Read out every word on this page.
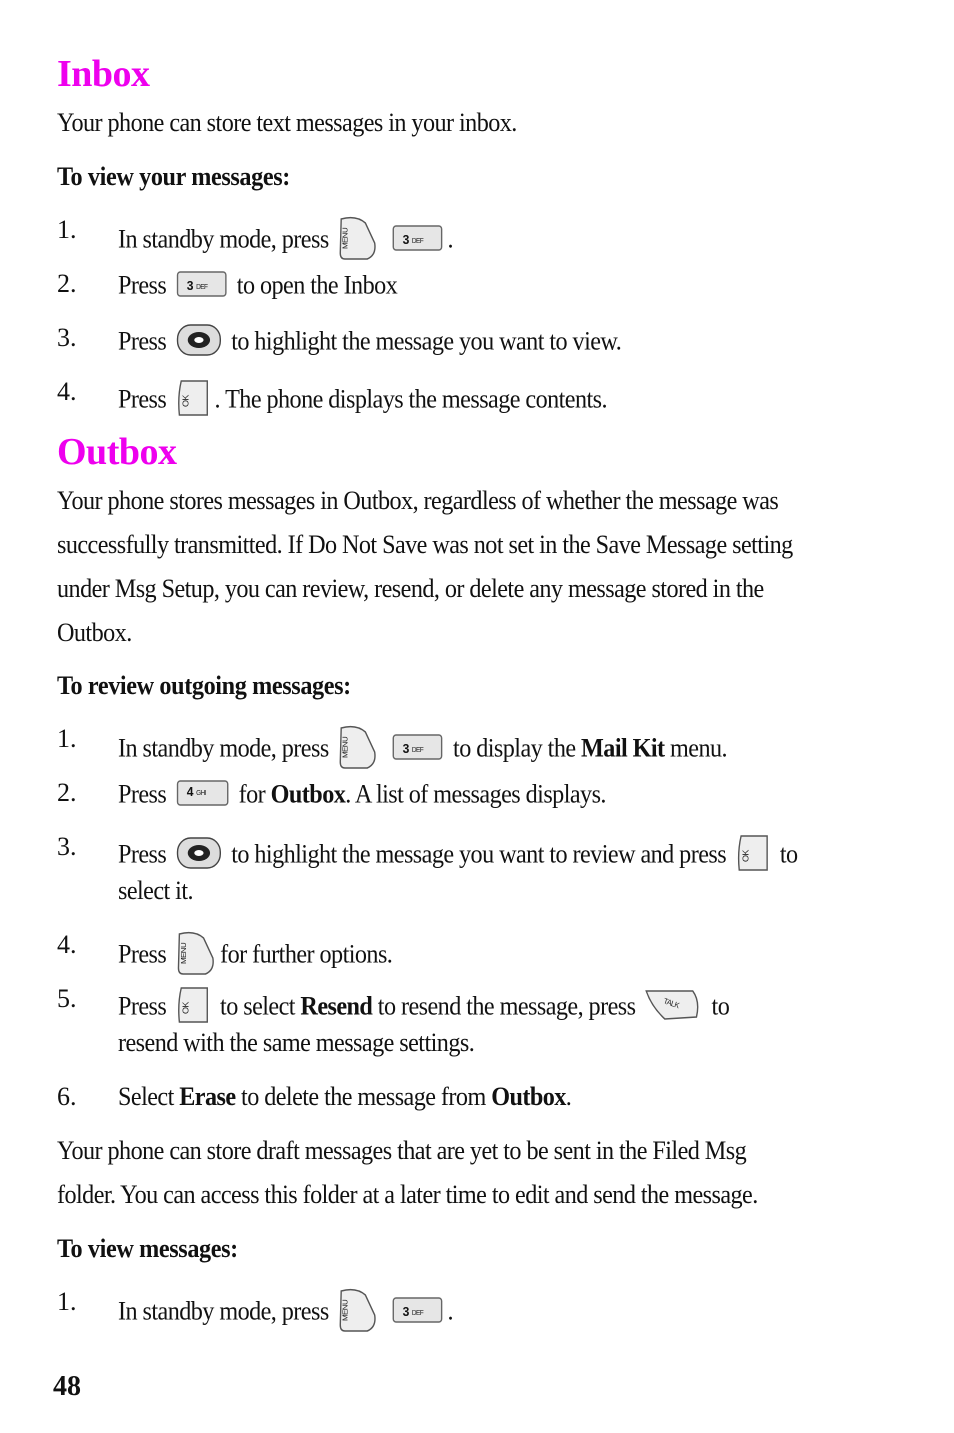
Inbox
Your phone can store text messages in your inbox.
To view your messages:
1. In standby mode, press MENU
	3 DEF .
2. Press 3 DEF to open the Inbox
3. Press to highlight the message you want to view.
4. Press OK . The phone displays the message contents.
Outbox
Your phone stores messages in Outbox, regardless of whether the message was
successfully transmitted. If Do Not Save was not set in the Save Message setting
under Msg Setup, you can review, resend, or delete any message stored in the
Outbox.
To review outgoing messages:
1. In standby mode, press MENU
	3 DEF to display the Mail Kit menu.
2. Press 4 GHI for Outbox. A list of messages displays.
3. Press to highlight the message you want to review and press OK to
select it.
4. Press MENU for further options.
5. Press OK to select Resend to resend the message, press	TALK to
resend with the same message settings.
6. Select Erase to delete the message from Outbox.
Your phone can store draft messages that are yet to be sent in the Filed Msg
folder. You can access this folder at a later time to edit and send the message.
To view messages:
1. In standby mode, press MENU
	3 DEF .
48
